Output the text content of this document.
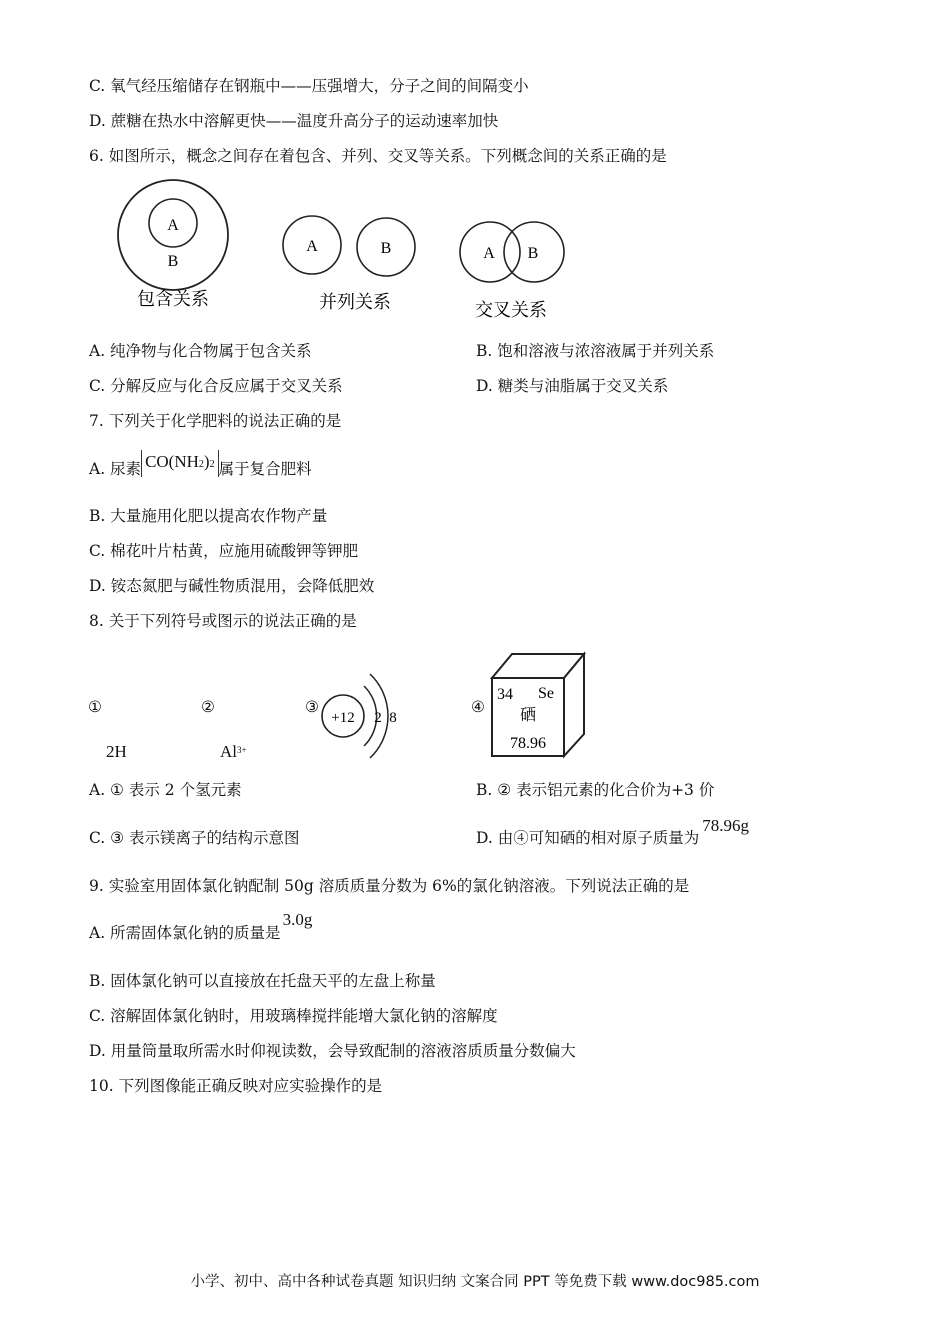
C. 氧气经压缩储存在钢瓶中——压强增大，分子之间的间隔变小
D. 蔗糖在热水中溶解更快——温度升高分子的运动速率加快
6. 如图所示，概念之间存在着包含、并列、交叉等关系。下列概念间的关系正确的是
A
B
包含关系
A	B
并列关系
A B
交叉关系
A. 纯净物与化合物属于包含关系	B. 饱和溶液与浓溶液属于并列关系
C. 分解反应与化合反应属于交叉关系	D. 糖类与油脂属于交叉关系
7. 下列关于化学肥料的说法正确的是
A. 尿素 CO(NH2)2 属于复合肥料
B. 大量施用化肥以提高农作物产量
C. 棉花叶片枯黄，应施用硫酸钾等钾肥
D. 铵态氮肥与碱性物质混用，会降低肥效
8. 关于下列符号或图示的说法正确的是
①	②	③	④
2H	$Al^{3+}$
+12 2 8
34 Se
硒
78.96
A. ① 表示 2 个氢元素	B. ② 表示铝元素的化合价为+3 价
C. ③ 表示镁离子的结构示意图	D. 由④可知硒的相对原子质量为78.96g
9. 实验室用固体氯化钠配制 50g 溶质质量分数为 6%的氯化钠溶液。下列说法正确的是
A. 所需固体氯化钠的质量是3.0g
B. 固体氯化钠可以直接放在托盘天平的左盘上称量
C. 溶解固体氯化钠时，用玻璃棒搅拌能增大氯化钠的溶解度
D. 用量筒量取所需水时仰视读数，会导致配制的溶液溶质质量分数偏大
10. 下列图像能正确反映对应实验操作的是
小学、初中、高中各种试卷真题 知识归纳 文案合同 PPT 等免费下载 www.doc985.com
